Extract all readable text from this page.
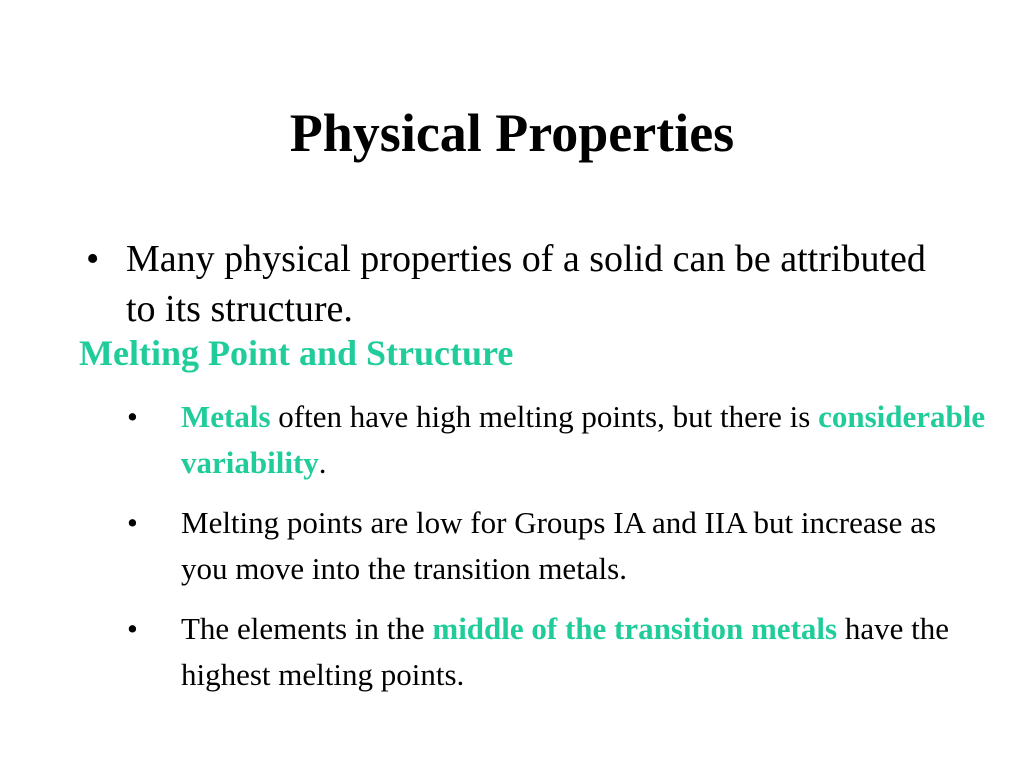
Physical Properties
• Many physical properties of a solid can be attributed to its structure.
Melting Point and Structure
• Metals often have high melting points, but there is considerable variability.
• Melting points are low for Groups IA and IIA but increase as you move into the transition metals.
• The elements in the middle of the transition metals have the highest melting points.
